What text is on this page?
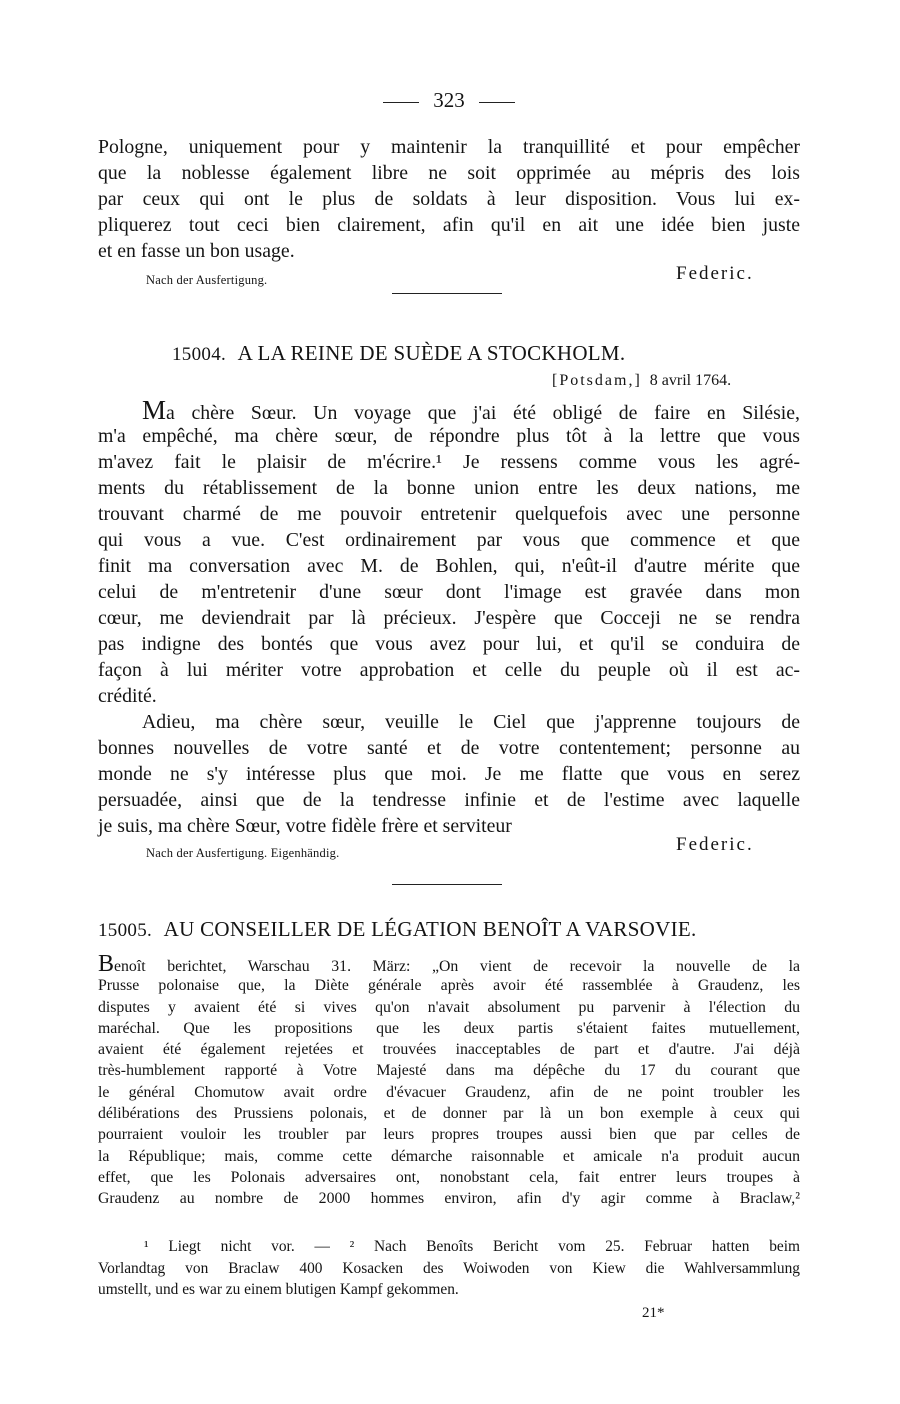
323
Pologne, uniquement pour y maintenir la tranquillité et pour empêcher
que la noblesse également libre ne soit opprimée au mépris des lois
par ceux qui ont le plus de soldats à leur disposition. Vous lui ex-
pliquerez tout ceci bien clairement, afin qu'il en ait une idée bien juste
et en fasse un bon usage.
Nach der Ausfertigung.	Federic.
15004. A LA REINE DE SUÈDE A STOCKHOLM.
[Potsdam,] 8 avril 1764.
Ma chère Sœur. Un voyage que j'ai été obligé de faire en Silésie,
m'a empêché, ma chère sœur, de répondre plus tôt à la lettre que vous
m'avez fait le plaisir de m'écrire.¹ Je ressens comme vous les agré-
ments du rétablissement de la bonne union entre les deux nations, me
trouvant charmé de me pouvoir entretenir quelquefois avec une personne
qui vous a vue. C'est ordinairement par vous que commence et que
finit ma conversation avec M. de Bohlen, qui, n'eût-il d'autre mérite que
celui de m'entretenir d'une sœur dont l'image est gravée dans mon
cœur, me deviendrait par là précieux. J'espère que Cocceji ne se rendra
pas indigne des bontés que vous avez pour lui, et qu'il se conduira de
façon à lui mériter votre approbation et celle du peuple où il est ac-
crédité.
Adieu, ma chère sœur, veuille le Ciel que j'apprenne toujours de
bonnes nouvelles de votre santé et de votre contentement; personne au
monde ne s'y intéresse plus que moi. Je me flatte que vous en serez
persuadée, ainsi que de la tendresse infinie et de l'estime avec laquelle
je suis, ma chère Sœur, votre fidèle frère et serviteur
Nach der Ausfertigung. Eigenhändig.	Federic.
15005. AU CONSEILLER DE LÉGATION BENOÎT A VARSOVIE.
Benoît berichtet, Warschau 31. März: „On vient de recevoir la nouvelle de la
Prusse polonaise que, la Diète générale après avoir été rassemblée à Graudenz, les
disputes y avaient été si vives qu'on n'avait absolument pu parvenir à l'élection du
maréchal. Que les propositions que les deux partis s'étaient faites mutuellement,
avaient été également rejetées et trouvées inacceptables de part et d'autre. J'ai déjà
très-humblement rapporté à Votre Majesté dans ma dépêche du 17 du courant que
le général Chomutow avait ordre d'évacuer Graudenz, afin de ne point troubler les
délibérations des Prussiens polonais, et de donner par là un bon exemple à ceux qui
pourraient vouloir les troubler par leurs propres troupes aussi bien que par celles de
la République; mais, comme cette démarche raisonnable et amicale n'a produit aucun
effet, que les Polonais adversaires ont, nonobstant cela, fait entrer leurs troupes à
Graudenz au nombre de 2000 hommes environ, afin d'y agir comme à Braclaw,²
¹ Liegt nicht vor. — ² Nach Benoîts Bericht vom 25. Februar hatten beim
Vorlandtag von Braclaw 400 Kosacken des Woiwoden von Kiew die Wahlversammlung
umstellt, und es war zu einem blutigen Kampf gekommen.
21*
